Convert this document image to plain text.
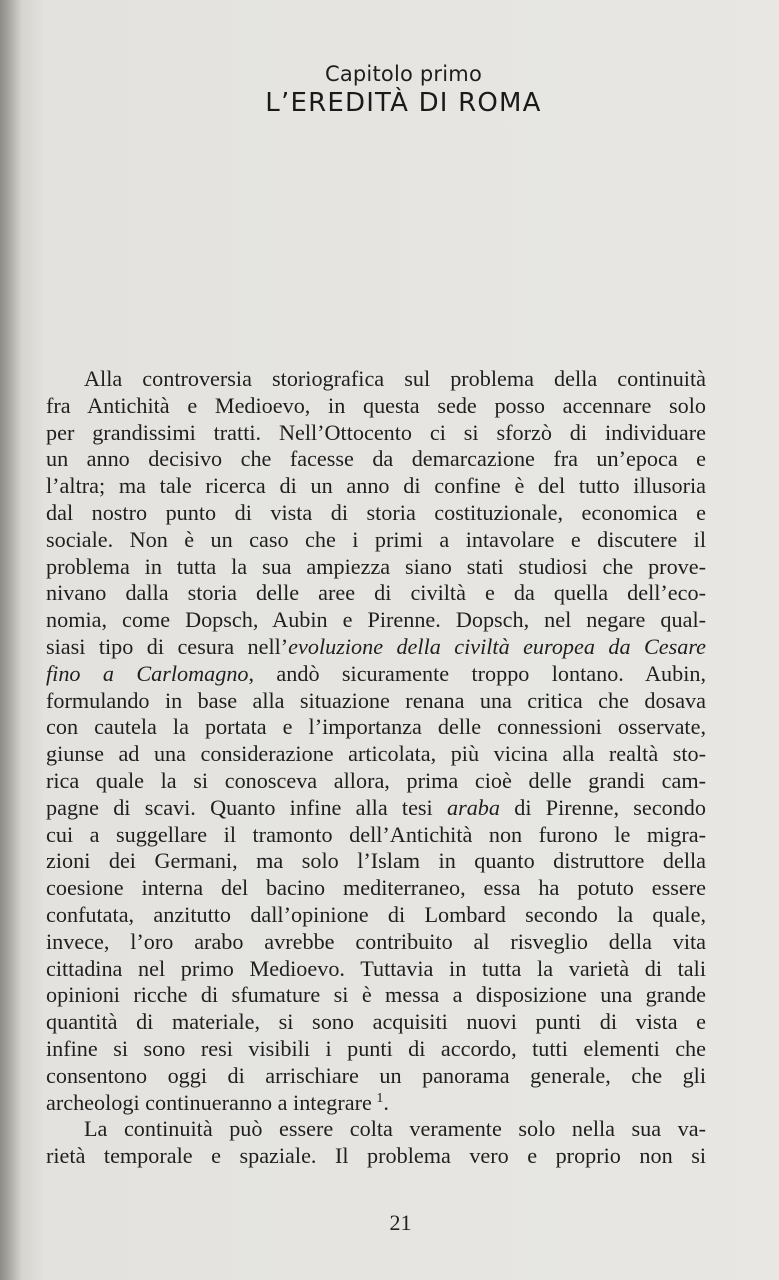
Capitolo primo
L’EREDITÀ DI ROMA
Alla controversia storiografica sul problema della continuità
fra Antichità e Medioevo, in questa sede posso accennare solo
per grandissimi tratti. Nell’Ottocento ci si sforzò di individuare
un anno decisivo che facesse da demarcazione fra un’epoca e
l’altra; ma tale ricerca di un anno di confine è del tutto illusoria
dal nostro punto di vista di storia costituzionale, economica e
sociale. Non è un caso che i primi a intavolare e discutere il
problema in tutta la sua ampiezza siano stati studiosi che prove-
nivano dalla storia delle aree di civiltà e da quella dell’eco-
nomia, come Dopsch, Aubin e Pirenne. Dopsch, nel negare qual-
siasi tipo di cesura nell’evoluzione della civiltà europea da Cesare
fino a Carlomagno, andò sicuramente troppo lontano. Aubin,
formulando in base alla situazione renana una critica che dosava
con cautela la portata e l’importanza delle connessioni osservate,
giunse ad una considerazione articolata, più vicina alla realtà sto-
rica quale la si conosceva allora, prima cioè delle grandi cam-
pagne di scavi. Quanto infine alla tesi araba di Pirenne, secondo
cui a suggellare il tramonto dell’Antichità non furono le migra-
zioni dei Germani, ma solo l’Islam in quanto distruttore della
coesione interna del bacino mediterraneo, essa ha potuto essere
confutata, anzitutto dall’opinione di Lombard secondo la quale,
invece, l’oro arabo avrebbe contribuito al risveglio della vita
cittadina nel primo Medioevo. Tuttavia in tutta la varietà di tali
opinioni ricche di sfumature si è messa a disposizione una grande
quantità di materiale, si sono acquisiti nuovi punti di vista e
infine si sono resi visibili i punti di accordo, tutti elementi che
consentono oggi di arrischiare un panorama generale, che gli
archeologi continueranno a integrare  $^1$.
La continuità può essere colta veramente solo nella sua va-
rietà temporale e spaziale. Il problema vero e proprio non si
21
